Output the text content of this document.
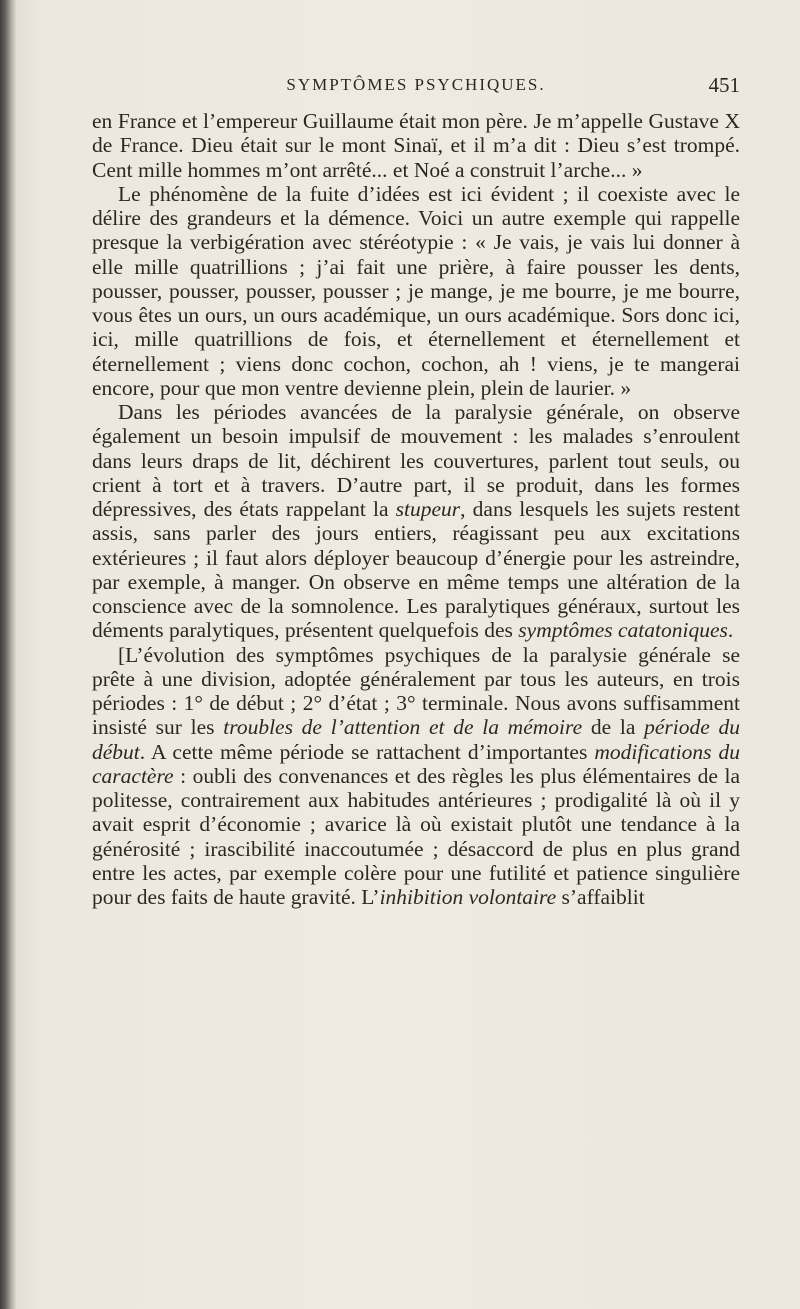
SYMPTÔMES PSYCHIQUES.	451

en France et l’empereur Guillaume était mon père. Je m’appelle Gustave X de France. Dieu était sur le mont Sinaï, et il m’a dit : Dieu s’est trompé. Cent mille hommes m’ont arrêté... et Noé a construit l’arche... »

Le phénomène de la fuite d’idées est ici évident ; il coexiste avec le délire des grandeurs et la démence. Voici un autre exemple qui rappelle presque la verbigération avec stéréotypie : « Je vais, je vais lui donner à elle mille quatrillions ; j’ai fait une prière, à faire pousser les dents, pousser, pousser, pousser, pousser ; je mange, je me bourre, je me bourre, vous êtes un ours, un ours académique, un ours académique. Sors donc ici, ici, mille quatrillions de fois, et éternellement et éternellement et éternellement ; viens donc cochon, cochon, ah ! viens, je te mangerai encore, pour que mon ventre devienne plein, plein de laurier. »

Dans les périodes avancées de la paralysie générale, on observe également un besoin impulsif de mouvement : les malades s’enroulent dans leurs draps de lit, déchirent les couvertures, parlent tout seuls, ou crient à tort et à travers. D’autre part, il se produit, dans les formes dépressives, des états rappelant la stupeur, dans lesquels les sujets restent assis, sans parler des jours entiers, réagissant peu aux excitations extérieures ; il faut alors déployer beaucoup d’énergie pour les astreindre, par exemple, à manger. On observe en même temps une altération de la conscience avec de la somnolence. Les paralytiques généraux, surtout les déments paralytiques, présentent quelquefois des symptômes catatoniques.

[L’évolution des symptômes psychiques de la paralysie générale se prête à une division, adoptée généralement par tous les auteurs, en trois périodes : 1° de début ; 2° d’état ; 3° terminale. Nous avons suffisamment insisté sur les troubles de l’attention et de la mémoire de la période du début. A cette même période se rattachent d’importantes modifications du caractère : oubli des convenances et des règles les plus élémentaires de la politesse, contrairement aux habitudes antérieures ; prodigalité là où il y avait esprit d’économie ; avarice là où existait plutôt une tendance à la générosité ; irascibilité inaccoutumée ; désaccord de plus en plus grand entre les actes, par exemple colère pour une futilité et patience singulière pour des faits de haute gravité. L’inhibition volontaire s’affaiblit
